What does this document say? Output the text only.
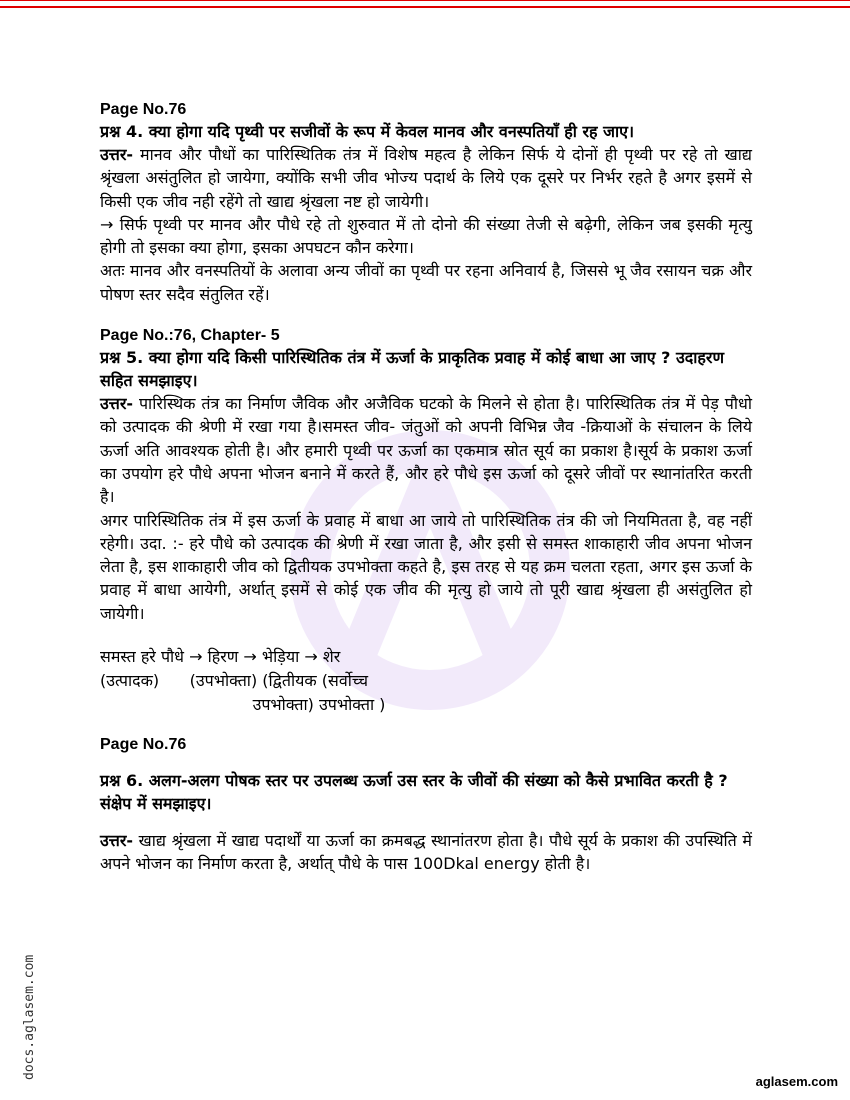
Page No.76

प्रश्न 4. क्या होगा यदि पृथ्वी पर सजीवों के रूप में केवल मानव और वनस्पतियाँ ही रह जाए।

उत्तर- मानव और पौधों का पारिस्थितिक तंत्र में विशेष महत्व है लेकिन सिर्फ ये दोनों ही पृथ्वी पर रहे तो खाद्य श्रृंखला असंतुलित हो जायेगा, क्योंकि सभी जीव भोज्य पदार्थ के लिये एक दूसरे पर निर्भर रहते है अगर इसमें से किसी एक जीव नही रहेंगे तो खाद्य श्रृंखला नष्ट हो जायेगी।

→ सिर्फ पृथ्वी पर मानव और पौधे रहे तो शुरुवात में तो दोनो की संख्या तेजी से बढ़ेगी, लेकिन जब इसकी मृत्यु होगी तो इसका क्या होगा, इसका अपघटन कौन करेगा।

अतः मानव और वनस्पतियों के अलावा अन्य जीवों का पृथ्वी पर रहना अनिवार्य है, जिससे भू जैव रसायन चक्र और पोषण स्तर सदैव संतुलित रहें।

Page No.:76, Chapter- 5

प्रश्न 5. क्या होगा यदि किसी पारिस्थितिक तंत्र में ऊर्जा के प्राकृतिक प्रवाह में कोई बाधा आ जाए ? उदाहरण सहित समझाइए।

उत्तर- पारिस्थिक तंत्र का निर्माण जैविक और अजैविक घटको के मिलने से होता है। पारिस्थितिक तंत्र में पेड़ पौधो को उत्पादक की श्रेणी में रखा गया है।समस्त जीव- जंतुओं को अपनी विभिन्न जैव -क्रियाओं के संचालन के लिये ऊर्जा अति आवश्यक होती है। और हमारी पृथ्वी पर ऊर्जा का एकमात्र स्रोत सूर्य का प्रकाश है।सूर्य के प्रकाश ऊर्जा का उपयोग हरे पौधे अपना भोजन बनाने में करते हैं, और हरे पौधे इस ऊर्जा को दूसरे जीवों पर स्थानांतरित करती है।

अगर पारिस्थितिक तंत्र में इस ऊर्जा के प्रवाह में बाधा आ जाये तो पारिस्थितिक तंत्र की जो नियमितता है, वह नहीं रहेगी। उदा. :- हरे पौधे को उत्पादक की श्रेणी में रखा जाता है, और इसी से समस्त शाकाहारी जीव अपना भोजन लेता है, इस शाकाहारी जीव को द्वितीयक उपभोक्ता कहते है, इस तरह से यह क्रम चलता रहता, अगर इस ऊर्जा के प्रवाह में बाधा आयेगी, अर्थात् इसमें से कोई एक जीव की मृत्यु हो जाये तो पूरी खाद्य श्रृंखला ही असंतुलित हो जायेगी।

समस्त हरे पौधे → हिरण → भेड़िया → शेर

(उत्पादक)      (उपभोक्ता) (द्वितीयक (सर्वोच्च

उपभोक्ता) उपभोक्ता )

Page No.76

प्रश्न 6. अलग-अलग पोषक स्तर पर उपलब्ध ऊर्जा उस स्तर के जीवों की संख्या को कैसे प्रभावित करती है ? संक्षेप में समझाइए।

उत्तर- खाद्य श्रृंखला में खाद्य पदार्थों या ऊर्जा का क्रमबद्ध स्थानांतरण होता है। पौधे सूर्य के प्रकाश की उपस्थिति में अपने भोजन का निर्माण करता है, अर्थात् पौधे के पास 100Dkal energy होती है।

docs.aglasem.com
aglasem.com
